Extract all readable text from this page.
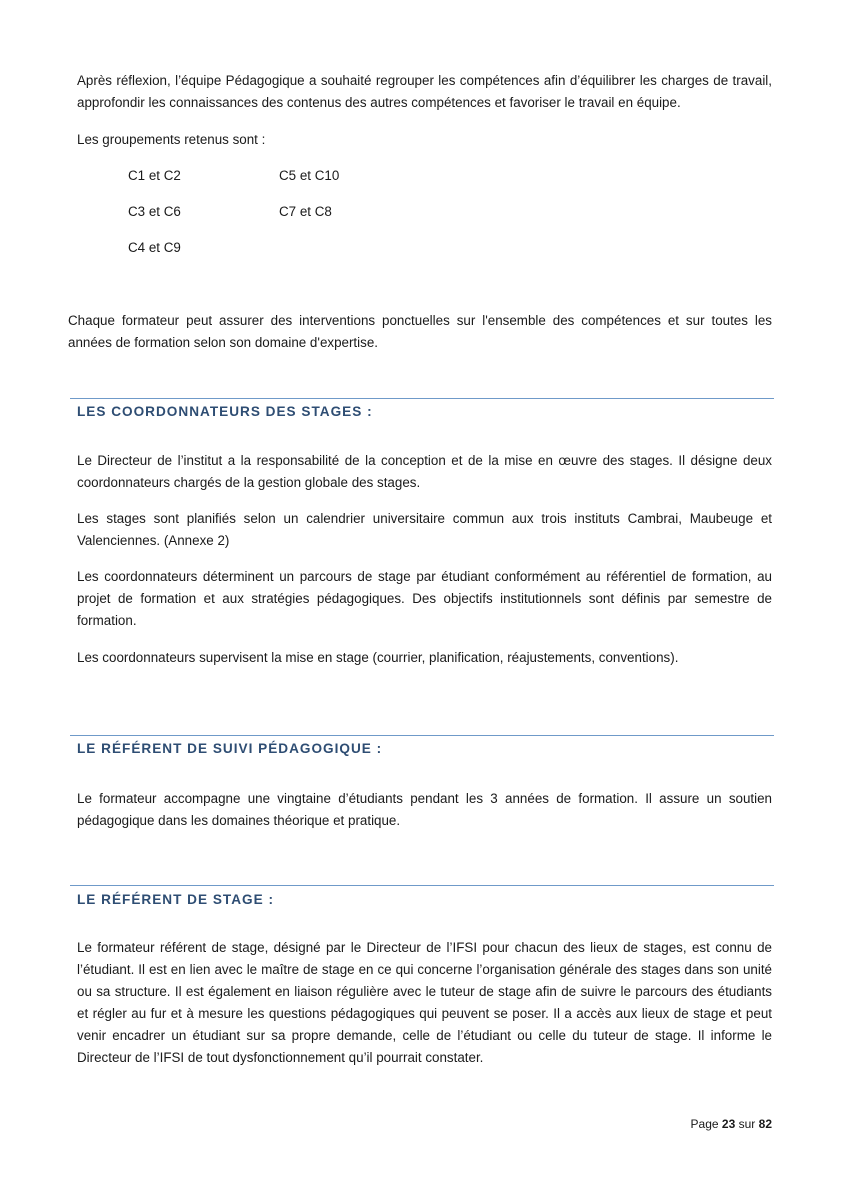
Après réflexion, l’équipe Pédagogique a souhaité regrouper les compétences afin d’équilibrer les charges de travail, approfondir les connaissances des contenus des autres compétences et favoriser le travail en équipe.

Les groupements retenus sont :

C1 et C2	C5 et C10
C3 et C6	C7 et C8
C4 et C9

Chaque formateur peut assurer des interventions ponctuelles sur l'ensemble des compétences et sur toutes les années de formation selon son domaine d'expertise.

LES COORDONNATEURS DES STAGES :

Le Directeur de l’institut a la responsabilité de la conception et de la mise en œuvre des stages. Il désigne deux coordonnateurs chargés de la gestion globale des stages.

Les stages sont planifiés selon un calendrier universitaire commun aux trois instituts Cambrai, Maubeuge et Valenciennes. (Annexe 2)

Les coordonnateurs déterminent un parcours de stage par étudiant conformément au référentiel de formation, au projet de formation et aux stratégies pédagogiques. Des objectifs institutionnels sont définis par semestre de formation.

Les coordonnateurs supervisent la mise en stage (courrier, planification, réajustements, conventions).

LE RÉFÉRENT DE SUIVI PÉDAGOGIQUE :

Le formateur accompagne une vingtaine d’étudiants pendant les 3 années de formation. Il assure un soutien pédagogique dans les domaines théorique et pratique.

LE RÉFÉRENT DE STAGE :

Le formateur référent de stage, désigné par le Directeur de l’IFSI pour chacun des lieux de stages, est connu de l’étudiant. Il est en lien avec le maître de stage en ce qui concerne l’organisation générale des stages dans son unité ou sa structure. Il est également en liaison régulière avec le tuteur de stage afin de suivre le parcours des étudiants et régler au fur et à mesure les questions pédagogiques qui peuvent se poser. Il a accès aux lieux de stage et peut venir encadrer un étudiant sur sa propre demande, celle de l’étudiant ou celle du tuteur de stage. Il informe le Directeur de l’IFSI de tout dysfonctionnement qu’il pourrait constater.

Page 23 sur 82
